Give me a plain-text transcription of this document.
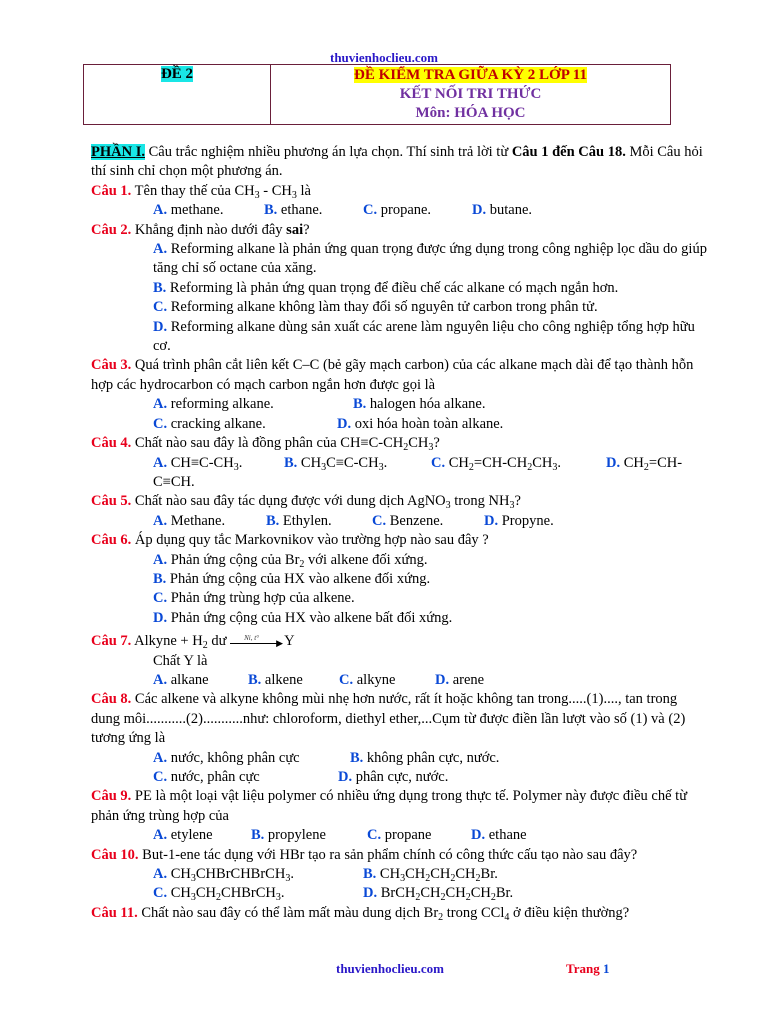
thuvienhoclieu.com
ĐỀ 2	ĐỀ KIỂM TRA GIỮA KỲ 2 LỚP 11
KẾT NỐI TRI THỨC
Môn: HÓA HỌC

PHẦN I. Câu trắc nghiệm nhiều phương án lựa chọn. Thí sinh trả lời từ Câu 1 đến Câu 18. Mỗi Câu hỏi thí sinh chỉ chọn một phương án.

Câu 1. Tên thay thế của $CH_3 - CH_3$ là

A. methane.	B. ethane.	C. propane.	D. butane.

Câu 2. Khẳng định nào dưới đây sai?

A. Reforming alkane là phản ứng quan trọng được ứng dụng trong công nghiệp lọc dầu do giúp tăng chỉ số octane của xăng.

B. Reforming là phản ứng quan trọng để điều chế các alkane có mạch ngắn hơn.

C. Reforming alkane không làm thay đổi số nguyên tử carbon trong phân tử.

D. Reforming alkane dùng sản xuất các arene làm nguyên liệu cho công nghiệp tổng hợp hữu cơ.

Câu 3. Quá trình phân cắt liên kết C–C (bẻ gãy mạch carbon) của các alkane mạch dài để tạo thành hỗn hợp các hydrocarbon có mạch carbon ngắn hơn được gọi là

A. reforming alkane.	B. halogen hóa alkane.

C. cracking alkane.	D. oxi hóa hoàn toàn alkane.

Câu 4. Chất nào sau đây là đồng phân của $CH\equiv C-CH_2CH_3$?

A. $CH\equiv C-CH_3$.	B. $CH_3C\equiv C-CH_3$.	C. $CH_2=CH-CH_2CH_3$.	D. $CH_2=CH-$

C≡CH.

Câu 5. Chất nào sau đây tác dụng được với dung dịch AgNO$_3$ trong $NH_3$?

A. Methane.	B. Ethylen.	C. Benzene.	D. Propyne.

Câu 6. Áp dụng quy tắc Markovnikov vào trường hợp nào sau đây ?

A. Phản ứng cộng của $Br_2$ với alkene đối xứng.

B. Phản ứng cộng của HX vào alkene đối xứng.

C. Phản ứng trùng hợp của alkene.

D. Phản ứng cộng của HX vào alkene bất đối xứng.

Câu 7. Alkyne + $H_2$ dư Ni, t° ▶ Y

Chất Y là

A. alkane	B. alkene C. alkyne	D. arene

Câu 8. Các alkene và alkyne không mùi nhẹ hơn nước, rất ít hoặc không tan trong.....(1)...., tan trong dung môi...........(2)...........như: chloroform, diethyl ether,...Cụm từ được điền lần lượt vào số (1) và (2) tương ứng là

A. nước, không phân cực	B. không phân cực, nước.

C. nước, phân cực	D. phân cực, nước.

Câu 9. PE là một loại vật liệu polymer có nhiều ứng dụng trong thực tế. Polymer này được điều chế từ phản ứng trùng hợp của

A. etylene	B. propylene	C. propane	D. ethane

Câu 10. But-1-ene tác dụng với HBr tạo ra sản phẩm chính có công thức cấu tạo nào sau đây?

A. $CH_3CHBrCHBrCH_3$.	B. $CH_3CH_2CH_2CH_2Br$.

C. $CH_3CH_2CHBrCH_3$.	D. $BrCH_2CH_2CH_2CH_2Br$.

Câu 11. Chất nào sau đây có thể làm mất màu dung dịch $Br_2$ trong CCl$_4$ ở điều kiện thường?

thuvienhoclieu.com	Trang 1
